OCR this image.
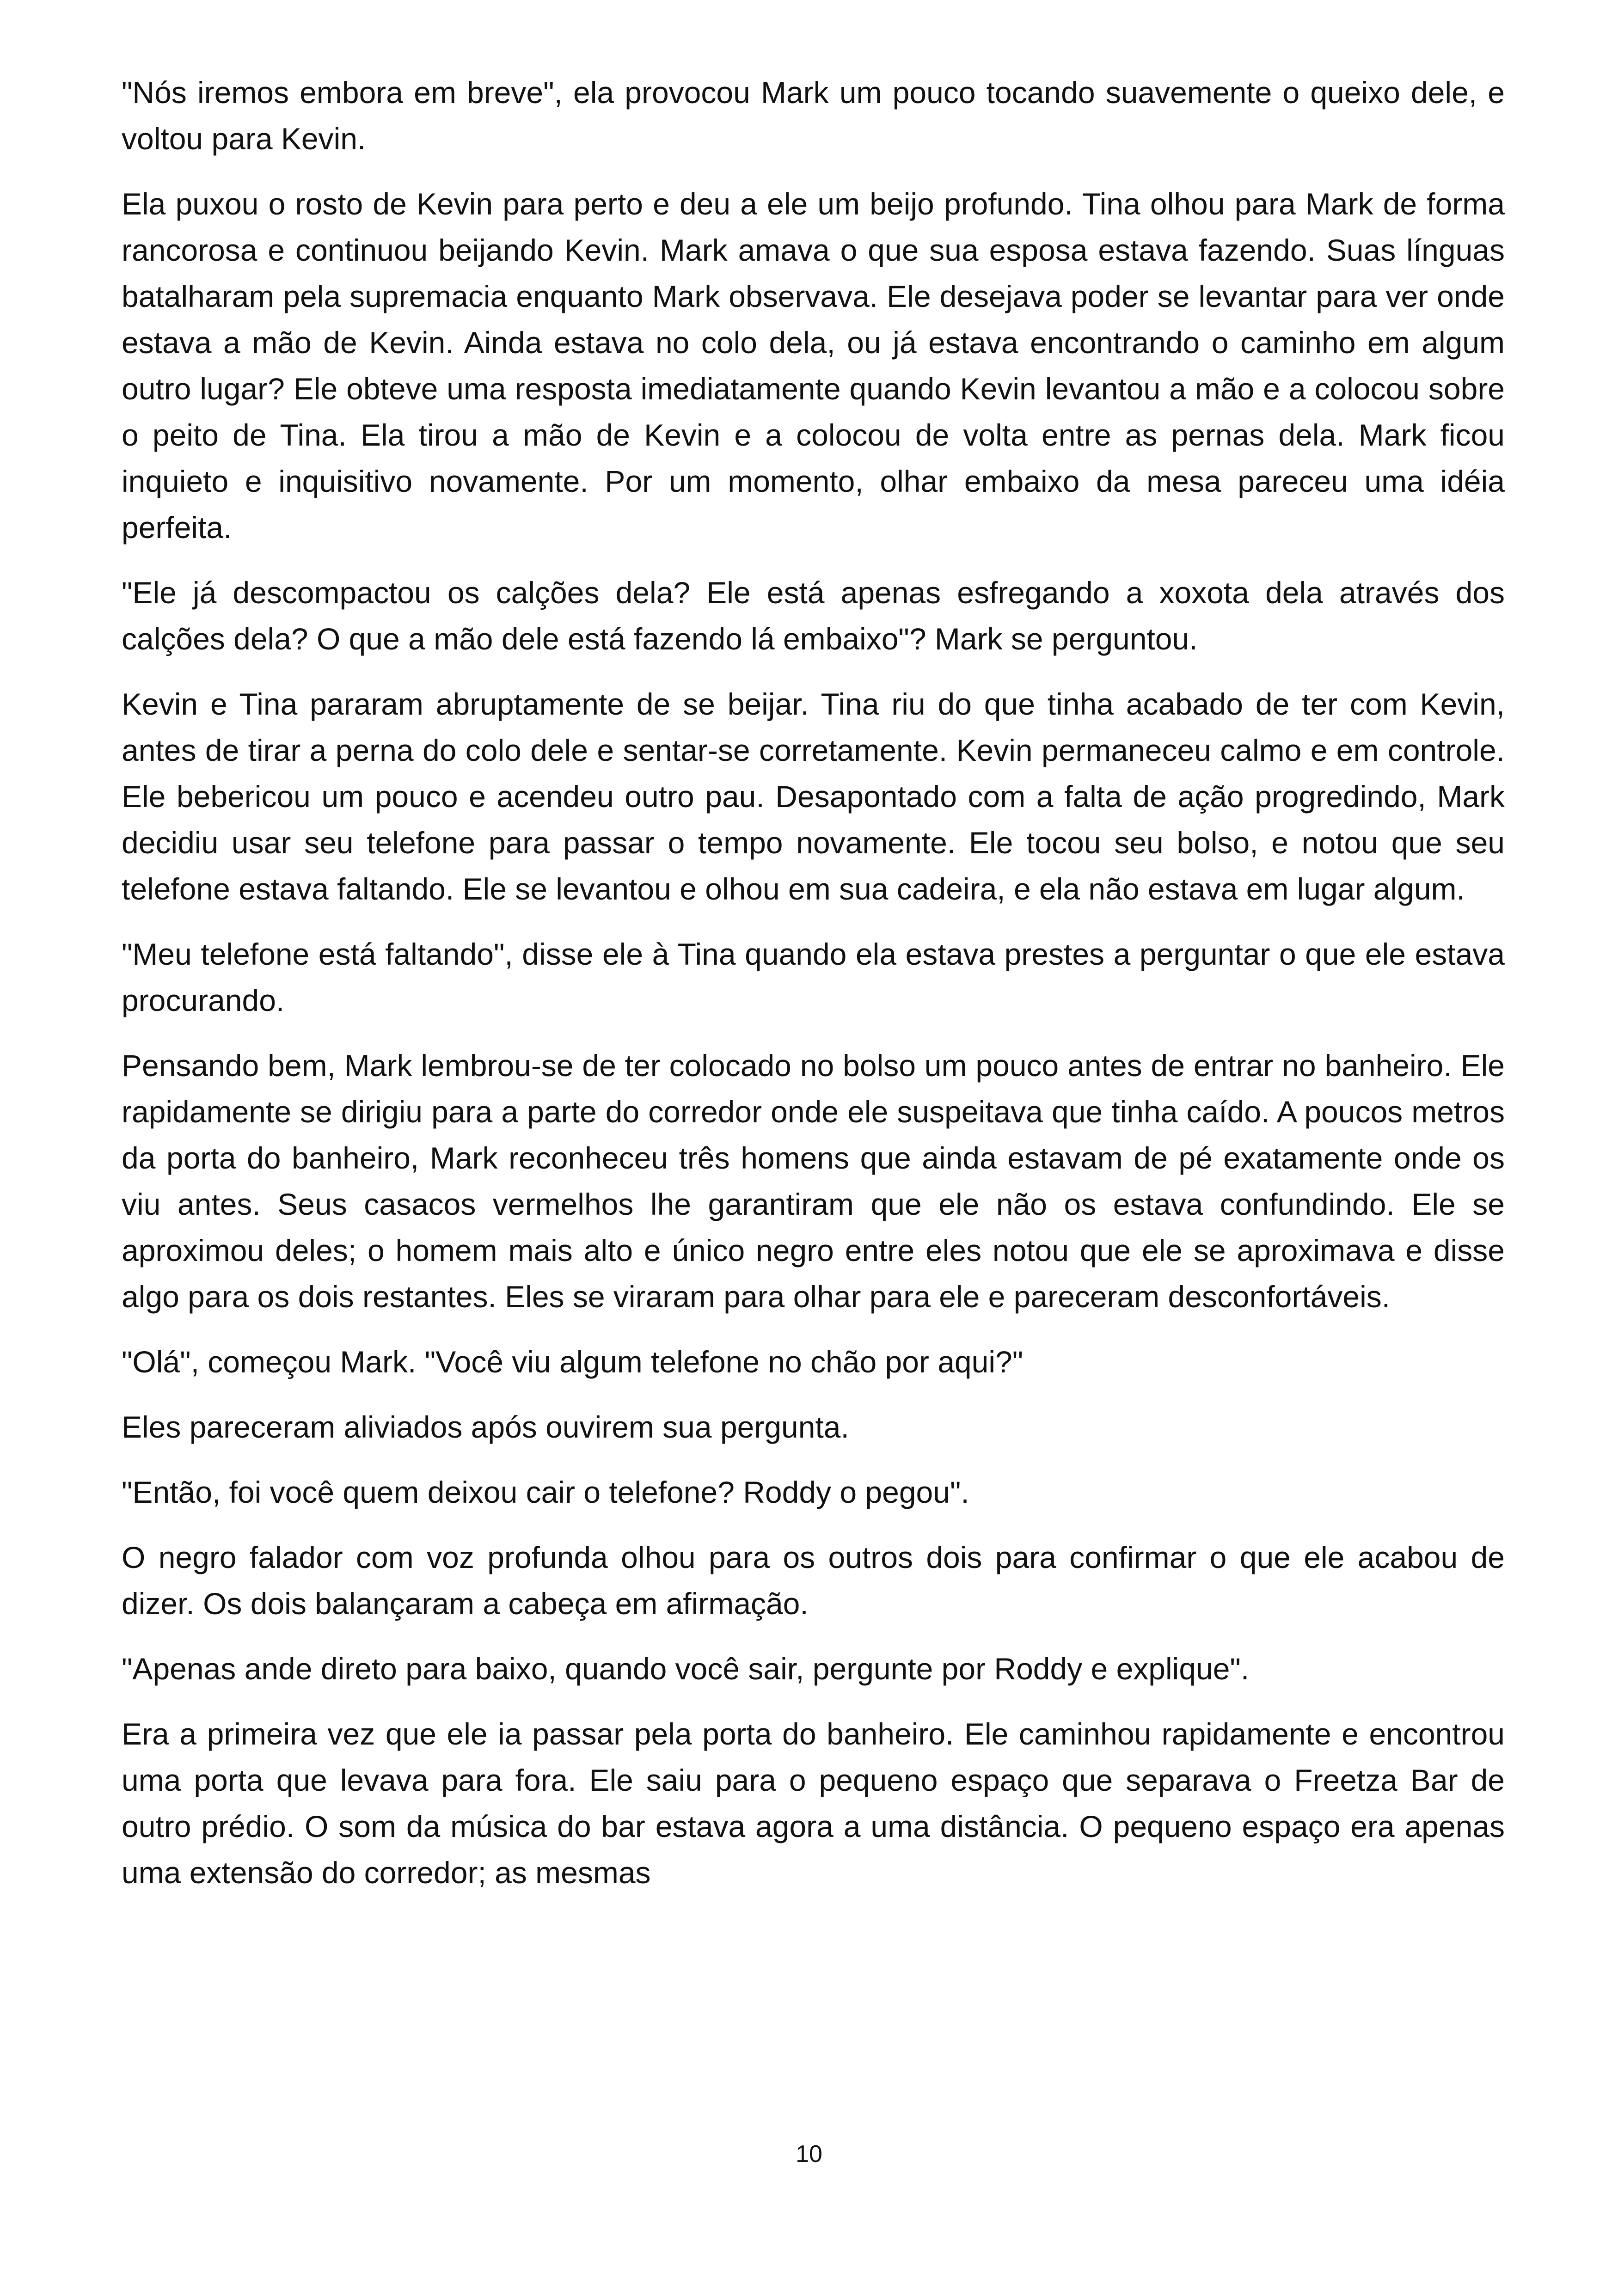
"Nós iremos embora em breve", ela provocou Mark um pouco tocando suavemente o queixo dele, e voltou para Kevin.

Ela puxou o rosto de Kevin para perto e deu a ele um beijo profundo. Tina olhou para Mark de forma rancorosa e continuou beijando Kevin. Mark amava o que sua esposa estava fazendo. Suas línguas batalharam pela supremacia enquanto Mark observava. Ele desejava poder se levantar para ver onde estava a mão de Kevin. Ainda estava no colo dela, ou já estava encontrando o caminho em algum outro lugar? Ele obteve uma resposta imediatamente quando Kevin levantou a mão e a colocou sobre o peito de Tina. Ela tirou a mão de Kevin e a colocou de volta entre as pernas dela. Mark ficou inquieto e inquisitivo novamente. Por um momento, olhar embaixo da mesa pareceu uma idéia perfeita.

"Ele já descompactou os calções dela? Ele está apenas esfregando a xoxota dela através dos calções dela? O que a mão dele está fazendo lá embaixo"? Mark se perguntou.

Kevin e Tina pararam abruptamente de se beijar. Tina riu do que tinha acabado de ter com Kevin, antes de tirar a perna do colo dele e sentar-se corretamente. Kevin permaneceu calmo e em controle. Ele bebericou um pouco e acendeu outro pau. Desapontado com a falta de ação progredindo, Mark decidiu usar seu telefone para passar o tempo novamente. Ele tocou seu bolso, e notou que seu telefone estava faltando. Ele se levantou e olhou em sua cadeira, e ela não estava em lugar algum.

"Meu telefone está faltando", disse ele à Tina quando ela estava prestes a perguntar o que ele estava procurando.

Pensando bem, Mark lembrou-se de ter colocado no bolso um pouco antes de entrar no banheiro. Ele rapidamente se dirigiu para a parte do corredor onde ele suspeitava que tinha caído. A poucos metros da porta do banheiro, Mark reconheceu três homens que ainda estavam de pé exatamente onde os viu antes. Seus casacos vermelhos lhe garantiram que ele não os estava confundindo. Ele se aproximou deles; o homem mais alto e único negro entre eles notou que ele se aproximava e disse algo para os dois restantes. Eles se viraram para olhar para ele e pareceram desconfortáveis.

"Olá", começou Mark. "Você viu algum telefone no chão por aqui?"

Eles pareceram aliviados após ouvirem sua pergunta.

"Então, foi você quem deixou cair o telefone? Roddy o pegou".

O negro falador com voz profunda olhou para os outros dois para confirmar o que ele acabou de dizer. Os dois balançaram a cabeça em afirmação.

"Apenas ande direto para baixo, quando você sair, pergunte por Roddy e explique".

Era a primeira vez que ele ia passar pela porta do banheiro. Ele caminhou rapidamente e encontrou uma porta que levava para fora. Ele saiu para o pequeno espaço que separava o Freetza Bar de outro prédio. O som da música do bar estava agora a uma distância. O pequeno espaço era apenas uma extensão do corredor; as mesmas

10
